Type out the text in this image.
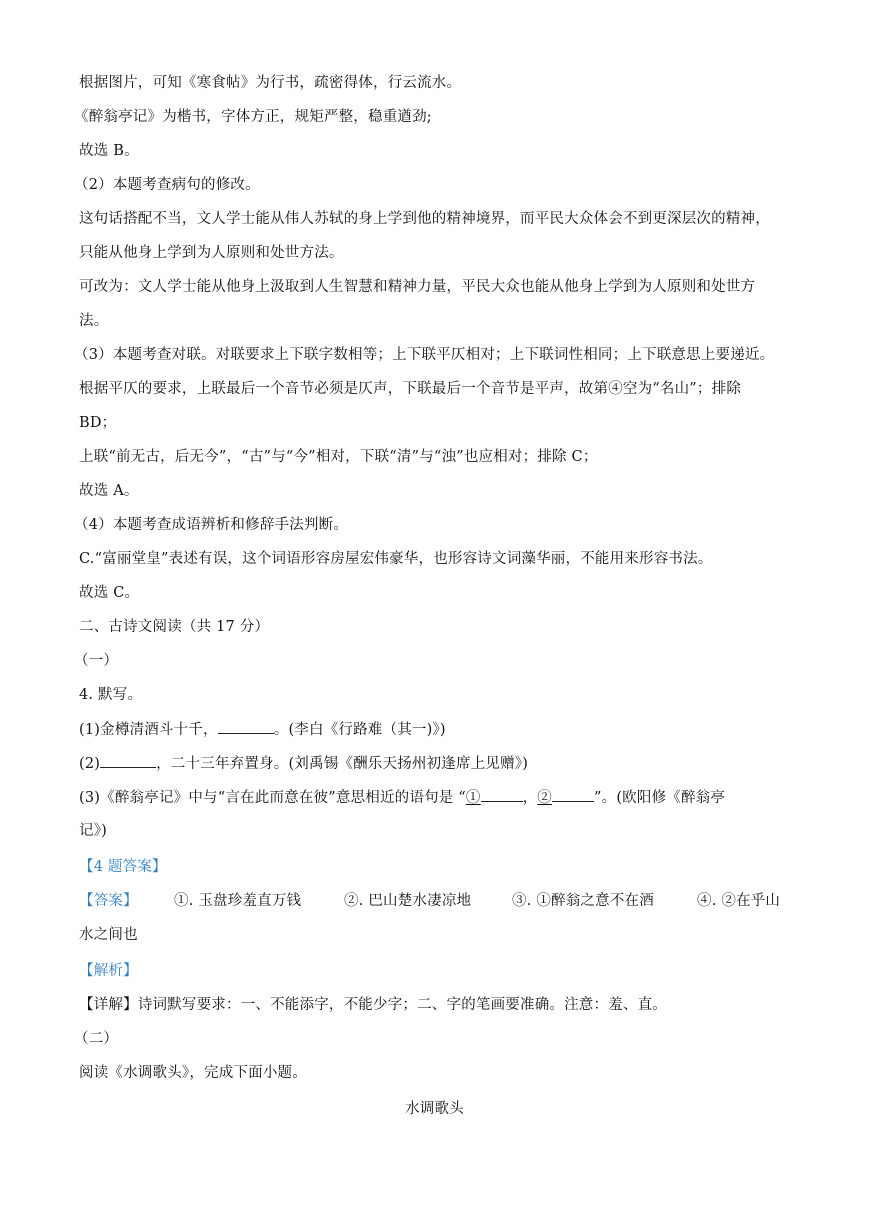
根据图片，可知《寒食帖》为行书，疏密得体，行云流水。
《醉翁亭记》为楷书，字体方正，规矩严整，稳重遒劲;
故选 B。
（2）本题考查病句的修改。
这句话搭配不当，文人学士能从伟人苏轼的身上学到他的精神境界，而平民大众体会不到更深层次的精神，
只能从他身上学到为人原则和处世方法。
可改为：文人学士能从他身上汲取到人生智慧和精神力量，平民大众也能从他身上学到为人原则和处世方
法。
（3）本题考查对联。对联要求上下联字数相等；上下联平仄相对；上下联词性相同；上下联意思上要递近。
根据平仄的要求，上联最后一个音节必须是仄声，下联最后一个音节是平声，故第④空为“名山”；排除
BD；
上联“前无古，后无今”，“古”与“今”相对，下联“清”与“浊”也应相对；排除 C；
故选 A。
（4）本题考查成语辨析和修辞手法判断。
C.“富丽堂皇”表述有误，这个词语形容房屋宏伟豪华，也形容诗文词藻华丽，不能用来形容书法。
故选 C。
二、古诗文阅读（共 17 分）
（一）
4. 默写。
(1)金樽清酒斗十千，	。(李白《行路难（其一)》)
(2)	，二十三年弃置身。(刘禹锡《酬乐天扬州初逢席上见赠》)
(3)《醉翁亭记》中与“言在此而意在彼”意思相近的语句是 “①	，②	”。(欧阳修《醉翁亭
记》)
【4 题答案】
【答案】 ①. 玉盘珍羞直万钱	②. 巴山楚水凄凉地	③. ①醉翁之意不在酒	④. ②在乎山
水之间也
【解析】
【详解】诗词默写要求：一、不能添字，不能少字；二、字的笔画要准确。注意：羞、直。
（二）
阅读《水调歌头》，完成下面小题。
水调歌头
